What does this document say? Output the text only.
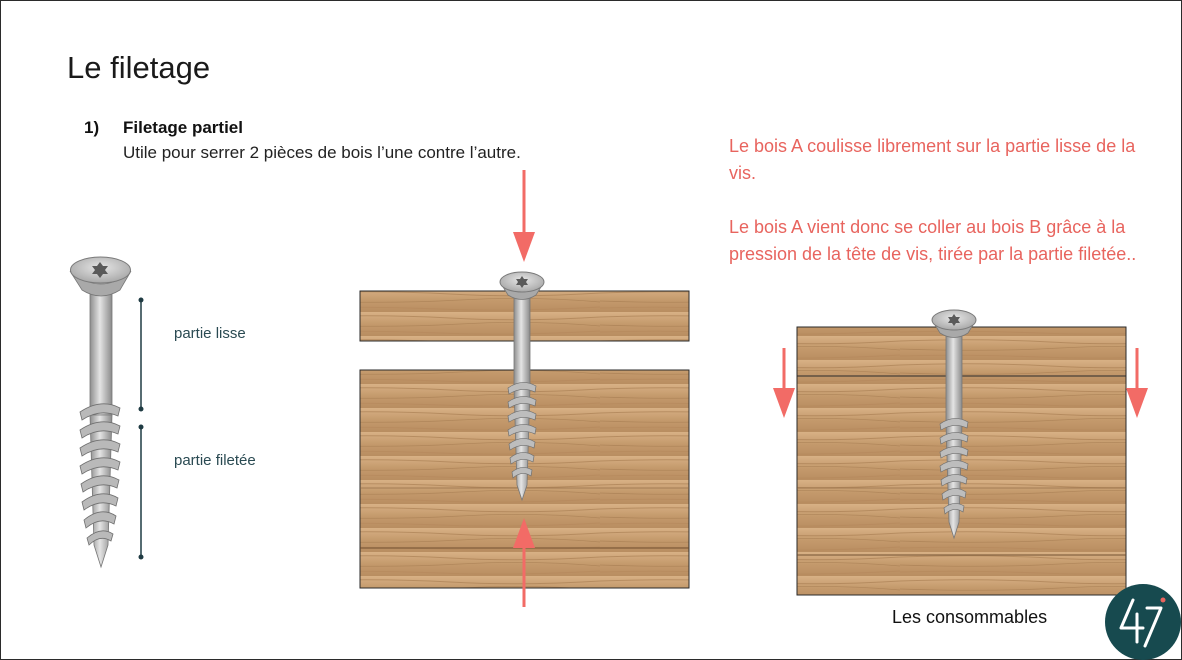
Le filetage
1) Filetage partiel
Utile pour serrer 2 pièces de bois l’une contre l’autre.	Le bois A coulisse librement sur la partie lisse de la vis.
Le bois A vient donc se coller au bois B grâce à la pression de la tête de vis, tirée par la partie filetée..
partie lisse
partie filetée
Les consommables
